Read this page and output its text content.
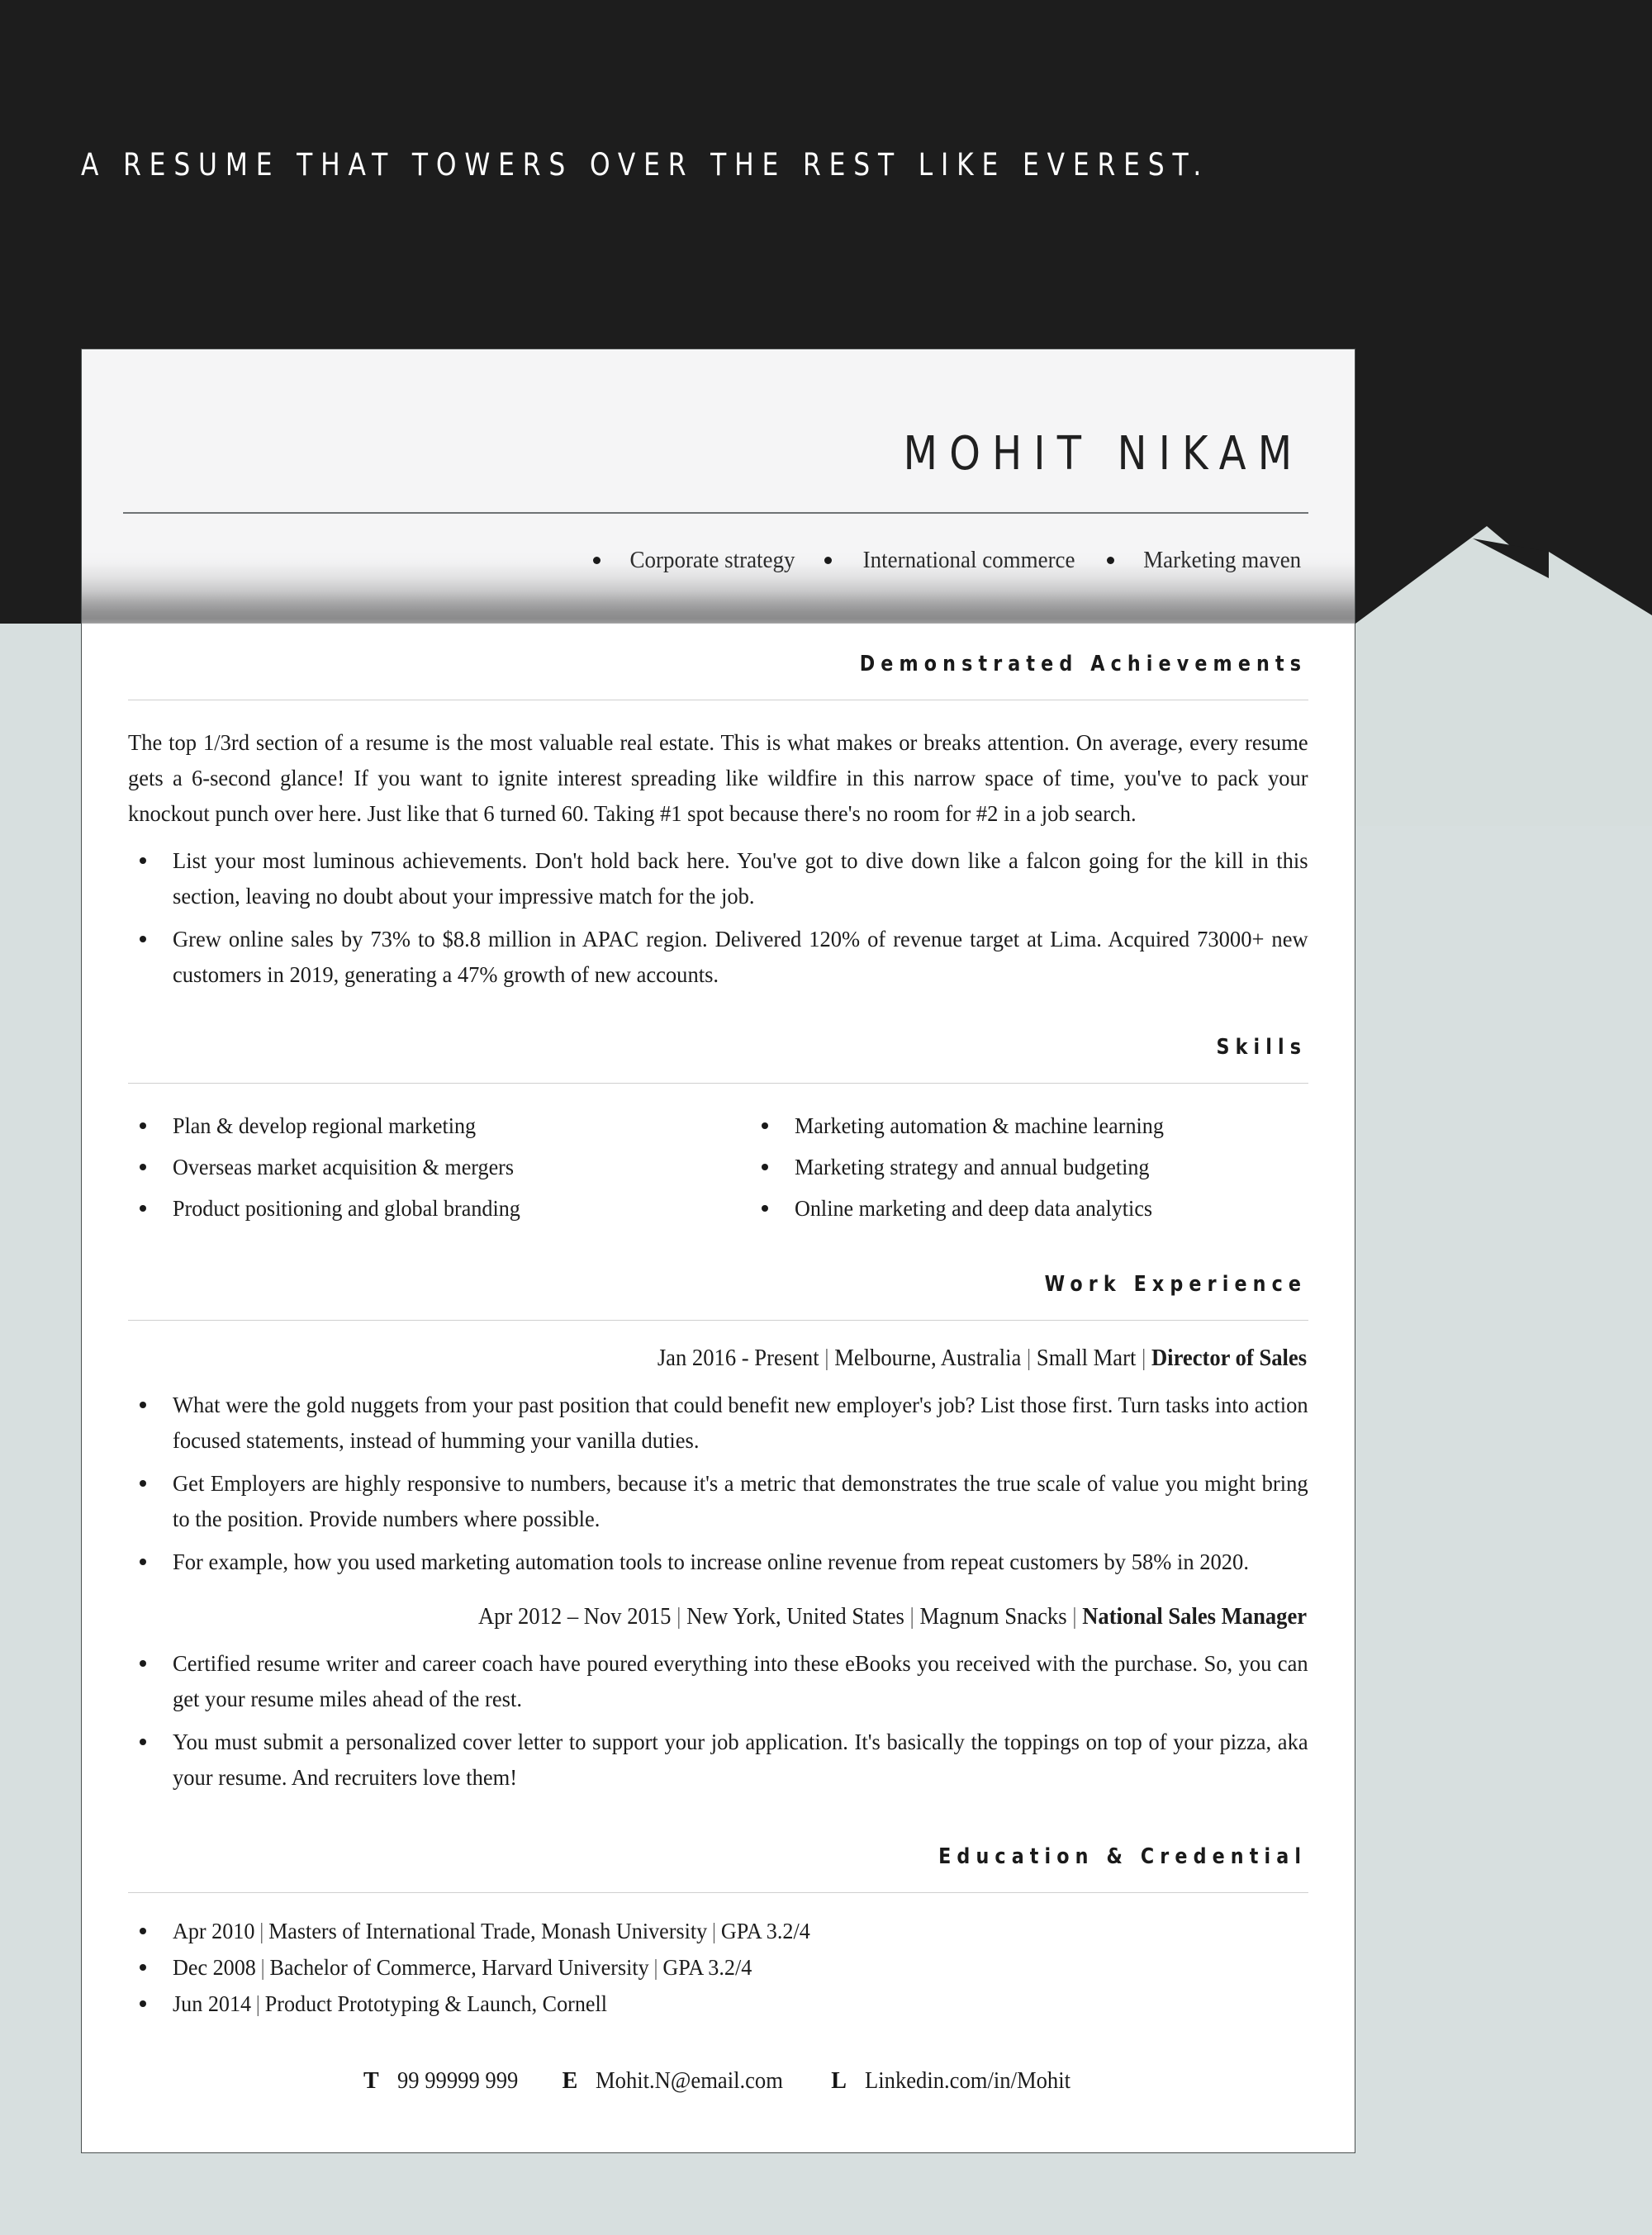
A RESUME THAT TOWERS OVER THE REST LIKE EVEREST.
MOHIT NIKAM
Corporate strategy	International commerce	Marketing maven
Demonstrated Achievements

The top 1/3rd section of a resume is the most valuable real estate. This is what makes or breaks attention. On average, every resume gets a 6-second glance! If you want to ignite interest spreading like wildfire in this narrow space of time, you've to pack your knockout punch over here. Just like that 6 turned 60. Taking #1 spot because there's no room for #2 in a job search.

List your most luminous achievements. Don't hold back here. You've got to dive down like a falcon going for the kill in this section, leaving no doubt about your impressive match for the job.
Grew online sales by 73% to $8.8 million in APAC region. Delivered 120% of revenue target at Lima. Acquired 73000+ new customers in 2019, generating a 47% growth of new accounts.
Skills
Plan & develop regional marketing
Overseas market acquisition & mergers
Product positioning and global branding
Marketing automation & machine learning
Marketing strategy and annual budgeting
Online marketing and deep data analytics
Work Experience
Jan 2016 - Present | Melbourne, Australia | Small Mart | Director of Sales
What were the gold nuggets from your past position that could benefit new employer's job? List those first. Turn tasks into action focused statements, instead of humming your vanilla duties.
Get Employers are highly responsive to numbers, because it's a metric that demonstrates the true scale of value you might bring to the position. Provide numbers where possible.
For example, how you used marketing automation tools to increase online revenue from repeat customers by 58% in 2020.
Apr 2012 – Nov 2015 | New York, United States | Magnum Snacks | National Sales Manager
Certified resume writer and career coach have poured everything into these eBooks you received with the purchase. So, you can get your resume miles ahead of the rest.
You must submit a personalized cover letter to support your job application. It's basically the toppings on top of your pizza, aka your resume. And recruiters love them!
Education & Credential
Apr 2010 | Masters of International Trade, Monash University | GPA 3.2/4
Dec 2008 | Bachelor of Commerce, Harvard University | GPA 3.2/4
Jun 2014 | Product Prototyping & Launch, Cornell
T 99 99999 999 E Mohit.N@email.com L Linkedin.com/in/Mohit
